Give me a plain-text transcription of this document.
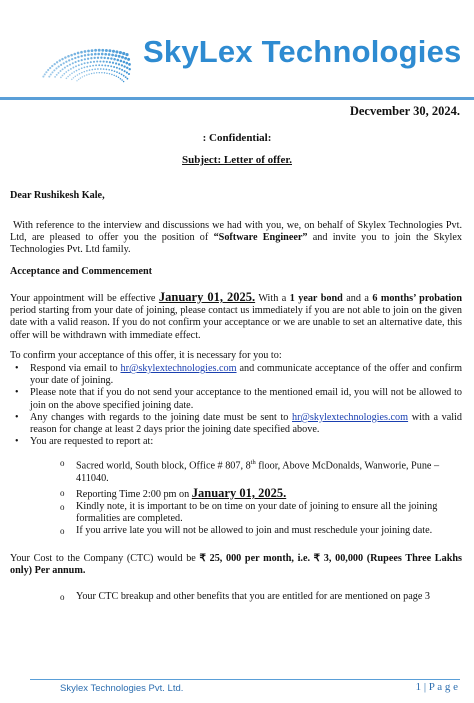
SkyLex Technologies
Decvember 30, 2024.
: Confidential:
Subject: Letter of offer.
Dear Rushikesh Kale,
With reference to the interview and discussions we had with you, we, on behalf of Skylex Technologies Pvt. Ltd, are pleased to offer you the position of “Software Engineer” and invite you to join the Skylex Technologies Pvt. Ltd family.
Acceptance and Commencement
Your appointment will be effective January 01, 2025. With a 1 year bond and a 6 months’ probation period starting from your date of joining, please contact us immediately if you are not able to join on the given date with a valid reason. If you do not confirm your acceptance or we are unable to set an alternative date, this offer will be withdrawn with immediate effect.
To confirm your acceptance of this offer, it is necessary for you to:
• Respond via email to hr@skylextechnologies.com and communicate acceptance of the offer and confirm your date of joining.
• Please note that if you do not send your acceptance to the mentioned email id, you will not be allowed to join on the above specified joining date.
• Any changes with regards to the joining date must be sent to hr@skylextechnologies.com with a valid reason for change at least 2 days prior the joining date specified above.
• You are requested to report at:
o Sacred world, South block, Office # 807, 8th floor, Above McDonalds, Wanworie, Pune – 411040.
o Reporting Time 2:00 pm on January 01, 2025.
o Kindly note, it is important to be on time on your date of joining to ensure all the joining formalities are completed.
o If you arrive late you will not be allowed to join and must reschedule your joining date.
Your Cost to the Company (CTC) would be ₹ 25, 000 per month, i.e. ₹ 3, 00,000 (Rupees Three Lakhs only) Per annum.
o Your CTC breakup and other benefits that you are entitled for are mentioned on page 3
Skylex Technologies Pvt. Ltd.	1 | P a g e
